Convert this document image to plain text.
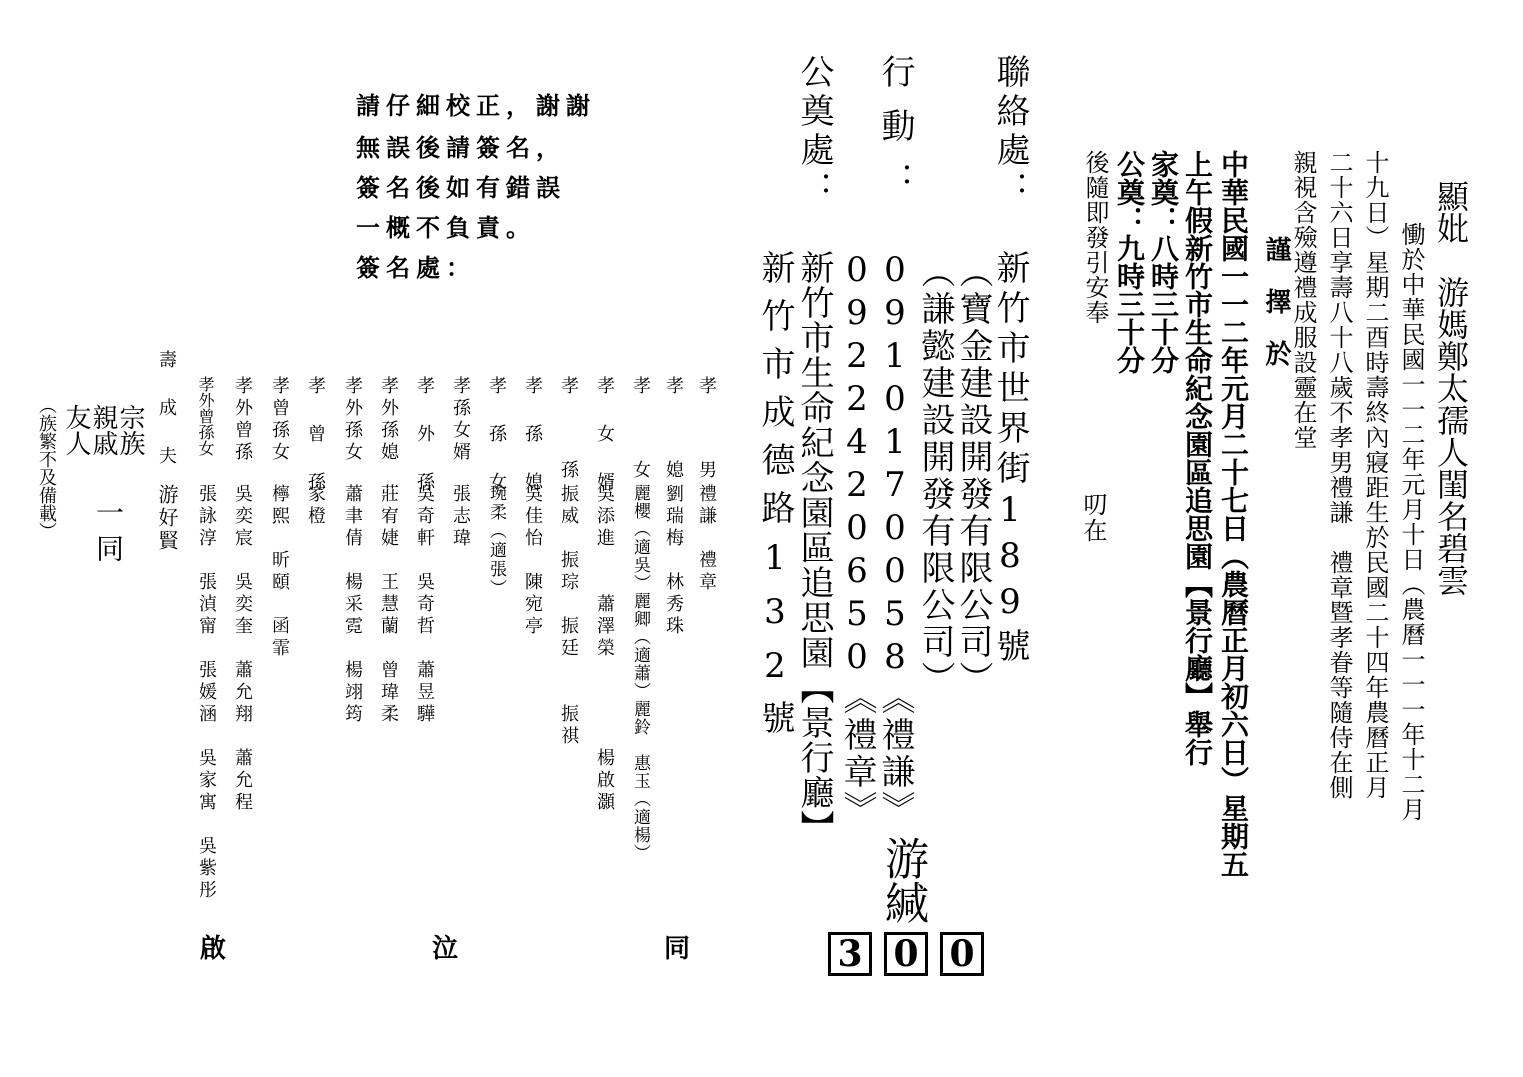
請仔細校正，謝謝

無誤後請簽名，

簽名後如有錯誤

一概不負責。

簽名處：	顯妣　游媽鄭太孺人閨名碧雲

慟於中華民國一一二年元月十日（農曆一一一年十二月

十九日）星期二酉時壽終內寢距生於民國二十四年農曆正月

二十六日享壽八十八歲不孝男禮謙　禮章暨孝眷等隨侍在側

親視含殮遵禮成服設靈在堂

謹　擇　於

中華民國一一二年元月二十七日（農曆正月初六日）星期五

上午假新竹市生命紀念園區追思園【景行廳】舉行

家奠：八時三十分

公奠：九時三十分

後隨即發引安奉

叨在

聯絡處：

新竹市世界街189號

（寶金建設開發有限公司）

（謙懿建設開發有限公司）

行動：

0910170058《禮謙》

0922420650《禮章》

公奠處：

新竹市生命紀念園區追思園【景行廳】

新竹市成德路132號

游緘

3 0 0

孝　　男

禮謙　禮章

孝　　媳

劉瑞梅　林秀珠

孝　　女

麗櫻（適吳）麗卿（適蕭）麗鈴　惠玉（適楊）

孝　女　婿

吳添進　　蕭澤榮　　　　楊啟灝

孝　　孫

振威　振琮　振廷　　振祺

孝　孫　媳

吳佳怡　陳宛亭

孝　孫　女

琬柔（適張）

孝孫女婿

張志瑋

孝　外　孫

吳奇軒　吳奇哲　蕭昱驊

孝外孫媳

莊宥婕　王慧蘭　曾瑋柔

孝外孫女

蕭聿倩　楊采霓　楊翊筠

孝　曾　孫

家橙

孝曾孫女

檸熙　昕頤　函霏

孝外曾孫

吳奕宸　吳奕奎　蕭允翔　蕭允程

孝外曾孫女

張詠淳　張湞甯　張媛涵　吳家寓　吳紫彤

壽　成　夫

游好賢

宗族

親戚

友人

一同

（族繁不及備載）

啟	泣	同
